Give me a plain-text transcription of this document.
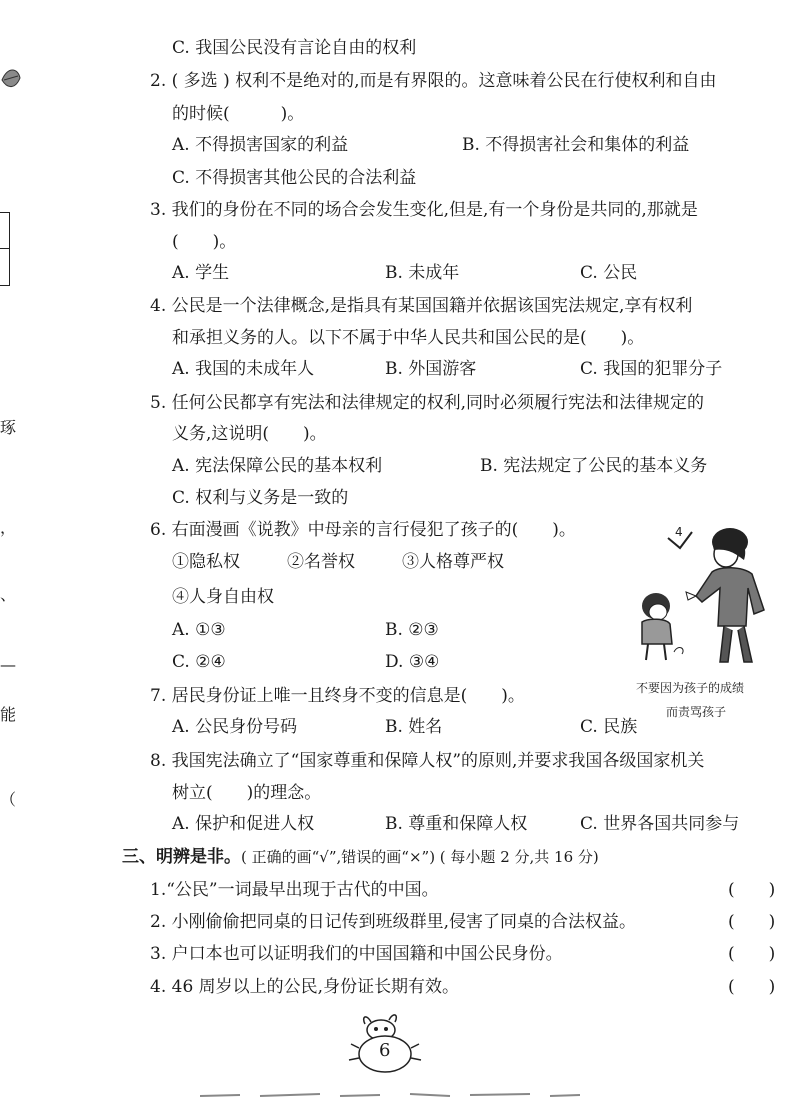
琢
，
、
—
能
（
C. 我国公民没有言论自由的权利
2. ( 多选 ) 权利不是绝对的,而是有界限的。这意味着公民在行使权利和自由
的时候(　　　)。
A. 不得损害国家的利益	B. 不得损害社会和集体的利益
C. 不得损害其他公民的合法利益
3. 我们的身份在不同的场合会发生变化,但是,有一个身份是共同的,那就是
(　　)。
A. 学生	B. 未成年	C. 公民
4. 公民是一个法律概念,是指具有某国国籍并依据该国宪法规定,享有权利
和承担义务的人。以下不属于中华人民共和国公民的是(　　)。
A. 我国的未成年人	B. 外国游客	C. 我国的犯罪分子
5. 任何公民都享有宪法和法律规定的权利,同时必须履行宪法和法律规定的
义务,这说明(　　)。
A. 宪法保障公民的基本权利	B. 宪法规定了公民的基本义务
C. 权利与义务是一致的
6. 右面漫画《说教》中母亲的言行侵犯了孩子的(　　)。
①隐私权	②名誉权	③人格尊严权
④人身自由权
A. ①③	B. ②③
C. ②④	D. ③④
4
不要因为孩子的成绩
而责骂孩子
7. 居民身份证上唯一且终身不变的信息是(　　)。
A. 公民身份号码	B. 姓名	C. 民族
8. 我国宪法确立了“国家尊重和保障人权”的原则,并要求我国各级国家机关
树立(　　)的理念。
A. 保护和促进人权	B. 尊重和保障人权	C. 世界各国共同参与
三、明辨是非。( 正确的画“√”,错误的画“×”) ( 每小题 2 分,共 16 分)
1.“公民”一词最早出现于古代的中国。	(　　)
2. 小刚偷偷把同桌的日记传到班级群里,侵害了同桌的合法权益。	(　　)
3. 户口本也可以证明我们的中国国籍和中国公民身份。	(　　)
4. 46 周岁以上的公民,身份证长期有效。	(　　)
6
